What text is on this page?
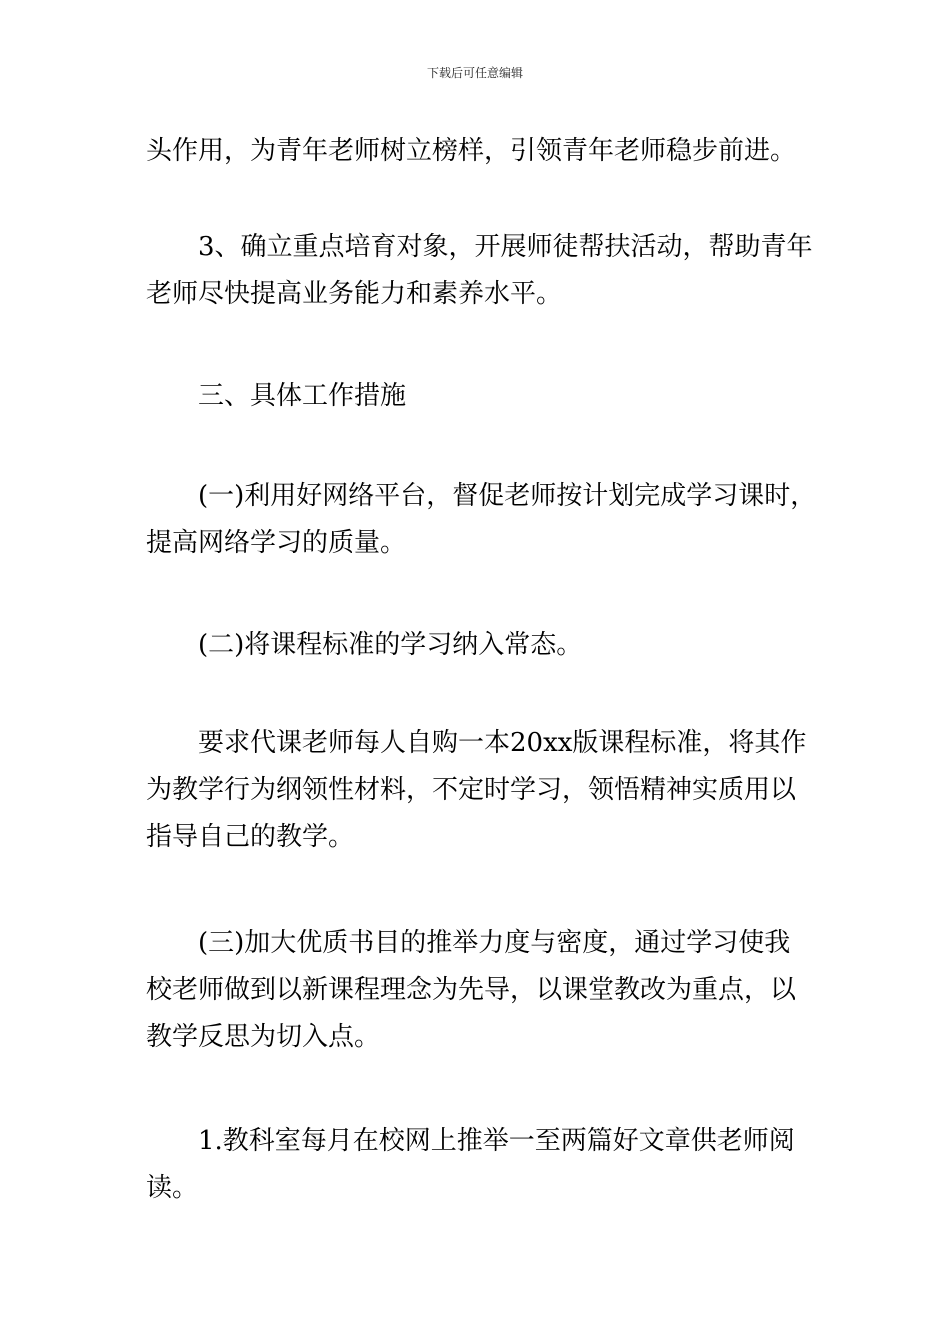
下载后可任意编辑

头作用，为青年老师树立榜样，引领青年老师稳步前进。

　　3、确立重点培育对象，开展师徒帮扶活动，帮助青年
老师尽快提高业务能力和素养水平。

　　三、具体工作措施

　　(一)利用好网络平台，督促老师按计划完成学习课时，
提高网络学习的质量。

　　(二)将课程标准的学习纳入常态。

　　要求代课老师每人自购一本20xx版课程标准，将其作
为教学行为纲领性材料，不定时学习，领悟精神实质用以
指导自己的教学。

　　(三)加大优质书目的推举力度与密度，通过学习使我
校老师做到以新课程理念为先导，以课堂教改为重点，以
教学反思为切入点。

　　1.教科室每月在校网上推举一至两篇好文章供老师阅
读。
